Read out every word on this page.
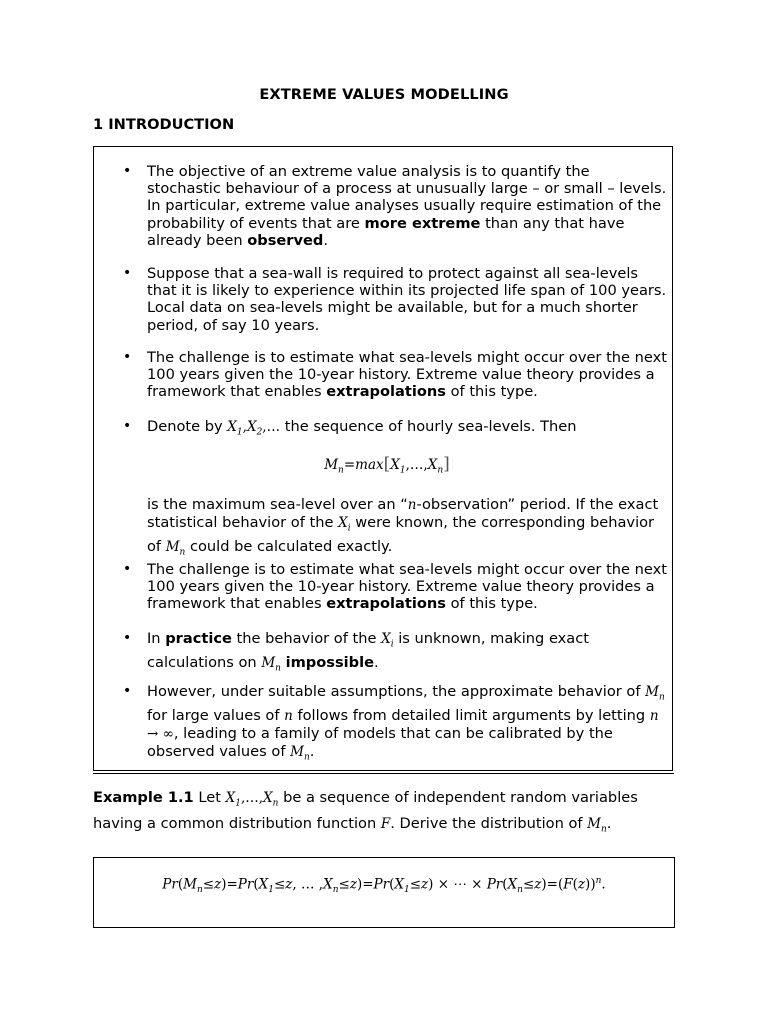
EXTREME VALUES MODELLING
1 INTRODUCTION
• The objective of an extreme value analysis is to quantify the stochastic behaviour of a process at unusually large – or small – levels. In particular, extreme value analyses usually require estimation of the probability of events that are more extreme than any that have already been observed.
• Suppose that a sea-wall is required to protect against all sea-levels that it is likely to experience within its projected life span of 100 years. Local data on sea-levels might be available, but for a much shorter period, of say 10 years.
• The challenge is to estimate what sea-levels might occur over the next 100 years given the 10-year history. Extreme value theory provides a framework that enables extrapolations of this type.
• Denote by $X_1,X_2,\dots$ the sequence of hourly sea-levels. Then
$M_n=\max[X_1,\dots,X_n]$
is the maximum sea-level over an “n-observation” period. If the exact statistical behavior of the $X_i$ were known, the corresponding behavior of $M_n$ could be calculated exactly.
• The challenge is to estimate what sea-levels might occur over the next 100 years given the 10-year history. Extreme value theory provides a framework that enables extrapolations of this type.
• In practice the behavior of the $X_i$ is unknown, making exact calculations on $M_n$ impossible.
• However, under suitable assumptions, the approximate behavior of $M_n$ for large values of n follows from detailed limit arguments by letting n → ∞, leading to a family of models that can be calibrated by the observed values of $M_n$.
Example 1.1 Let $X_1,\dots,X_n$ be a sequence of independent random variables having a common distribution function F. Derive the distribution of $M_n$.
$Pr(M_n\le z)=Pr(X_1\le z$, … $,X_n\le z)=Pr(X_1\le z)$ × ⋯ × $Pr(X_n\le z)=(F(z))^n$.
